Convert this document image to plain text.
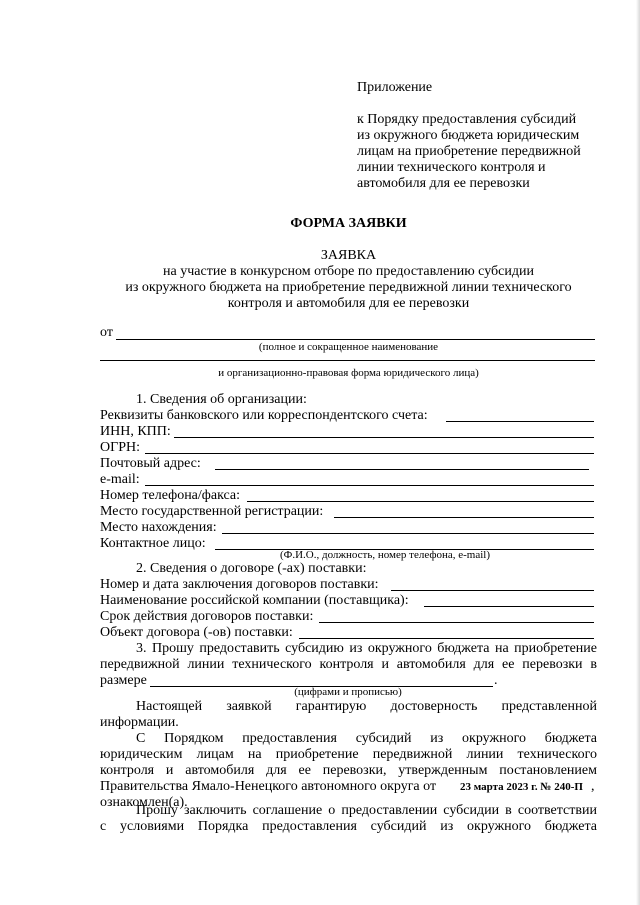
Приложение
к Порядку предоставления субсидий
из окружного бюджета юридическим
лицам на приобретение передвижной
линии технического контроля и
автомобиля для ее перевозки
ФОРМА ЗАЯВКИ
ЗАЯВКА
на участие в конкурсном отборе по предоставлению субсидии
из окружного бюджета на приобретение передвижной линии технического
контроля и автомобиля для ее перевозки
от
(полное и сокращенное наименование
и организационно-правовая форма юридического лица)
1. Сведения об организации:
Реквизиты банковского или корреспондентского счета:
ИНН, КПП:
ОГРН:
Почтовый адрес:
e-mail:
Номер телефона/факса:
Место государственной регистрации:
Место нахождения:
Контактное лицо:
(Ф.И.О., должность, номер телефона, e-mail)
2. Сведения о договоре (-ах) поставки:
Номер и дата заключения договоров поставки:
Наименование российской компании (поставщика):
Срок действия договоров поставки:
Объект договора (-ов) поставки:
3. Прошу предоставить субсидию из окружного бюджета на приобретение
передвижной линии технического контроля и автомобиля для ее перевозки в
размере	.
(цифрами и прописью)
Настоящей заявкой гарантирую достоверность представленной
информации.
С Порядком предоставления субсидий из окружного бюджета
юридическим лицам на приобретение передвижной линии технического
контроля и автомобиля для ее перевозки, утвержденным постановлением
Правительства Ямало-Ненецкого автономного округа от 23 марта 2023 г. № 240-П ,
ознакомлен(а).
Прошу заключить соглашение о предоставлении субсидии в соответствии
с условиями Порядка предоставления субсидий из окружного бюджета
